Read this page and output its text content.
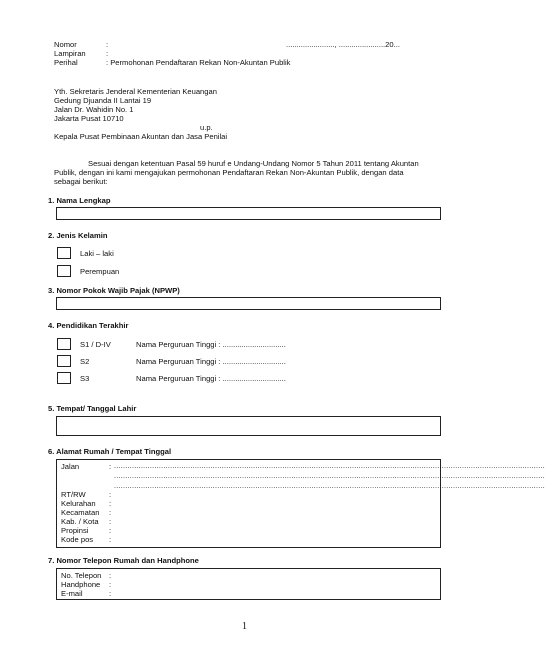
Nomor	:	......................., ......................20...
Lampiran	:
Perihal	: Permohonan Pendaftaran Rekan Non-Akuntan Publik
Yth. Sekretaris Jenderal Kementerian Keuangan
Gedung Djuanda II Lantai 19
Jalan Dr. Wahidin No. 1
Jakarta Pusat 10710
u.p.
Kepala Pusat Pembinaan Akuntan dan Jasa Penilai
Sesuai dengan ketentuan Pasal 59 huruf e Undang-Undang Nomor 5 Tahun 2011 tentang Akuntan
Publik, dengan ini kami mengajukan permohonan Pendaftaran Rekan Non-Akuntan Publik, dengan data
sebagai berikut:
1. Nama Lengkap
2. Jenis Kelamin
Laki – laki
Perempuan
3. Nomor Pokok Wajib Pajak (NPWP)
4. Pendidikan Terakhir
S1 / D-IV	Nama Perguruan Tinggi : ..............................
S2	Nama Perguruan Tinggi : ..............................
S3	Nama Perguruan Tinggi : ..............................
5. Tempat/ Tanggal Lahir
6. Alamat Rumah / Tempat Tinggal
Jalan	: ................................................................................................................................................................................................
................................................................................................................................................................................................
................................................................................................................................................................................................
RT/RW	:
Kelurahan :
Kecamatan :
Kab. / Kota :
Propinsi	:
Kode pos :
7. Nomor Telepon Rumah dan Handphone
No. Telepon :
Handphone :
E-mail	:
1
